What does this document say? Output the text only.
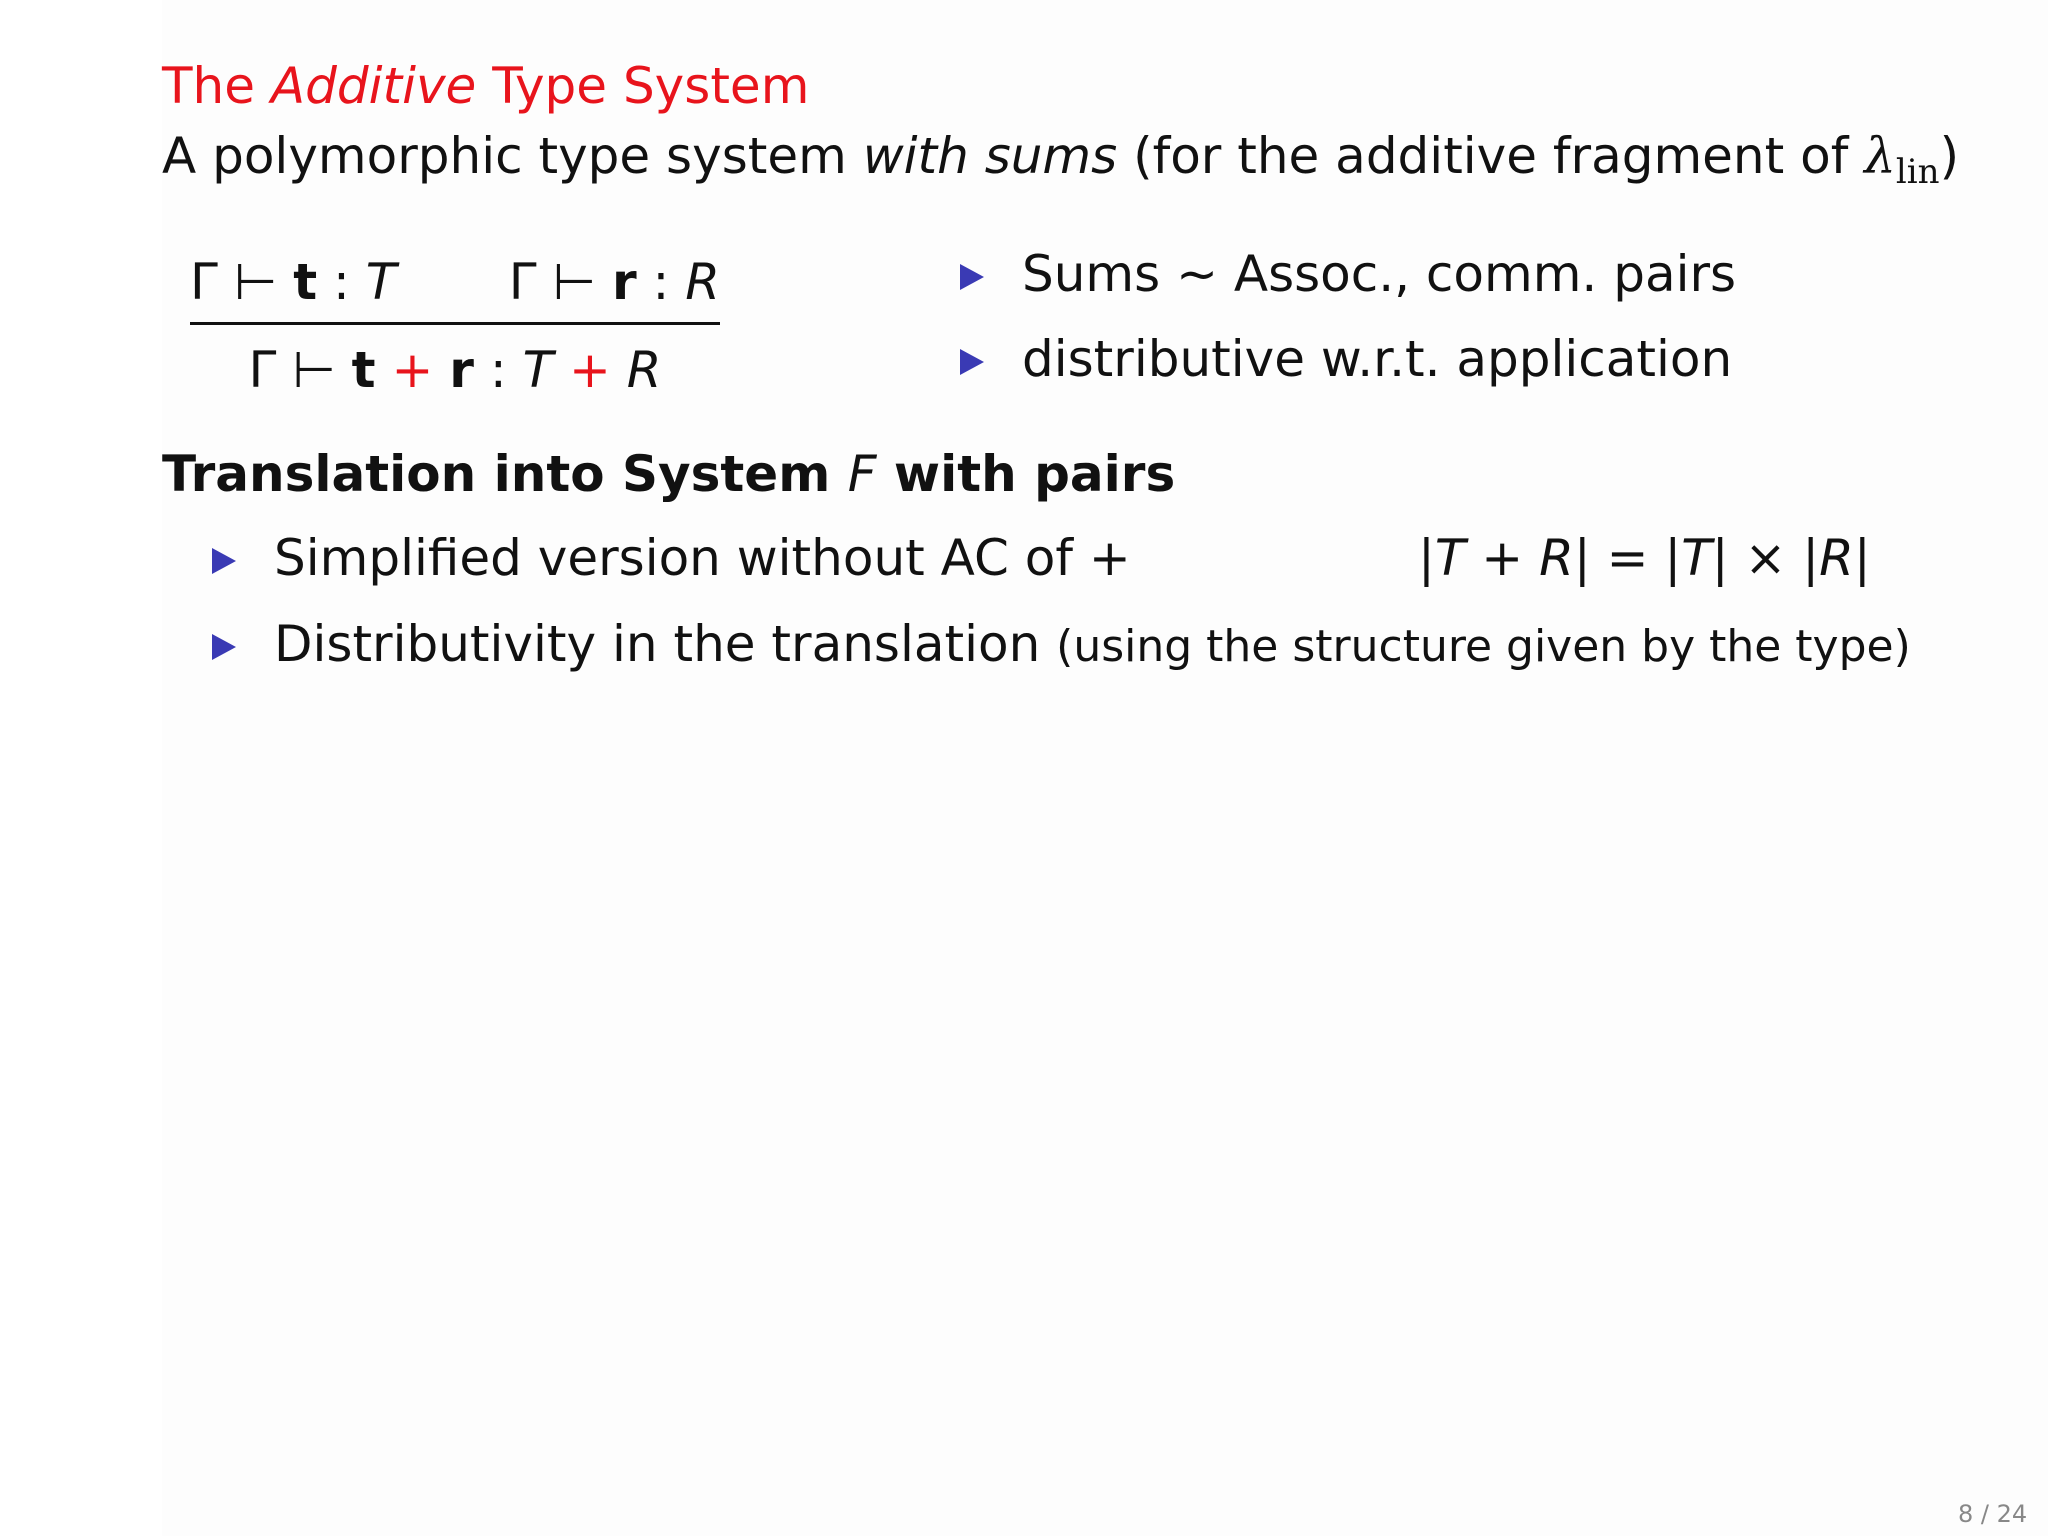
The Additive Type System
A polymorphic type system with sums (for the additive fragment of $\lambda_{lin}$)
Γ ⊢ t : T Γ ⊢ r : R
Γ ⊢ t + r : T + R
Sums ∼ Assoc., comm. pairs
distributive w.r.t. application
Translation into System F with pairs
Simplified version without AC of +
Distributivity in the translation (using the structure given by the type)
|T + R| = |T| × |R|
8 / 24
